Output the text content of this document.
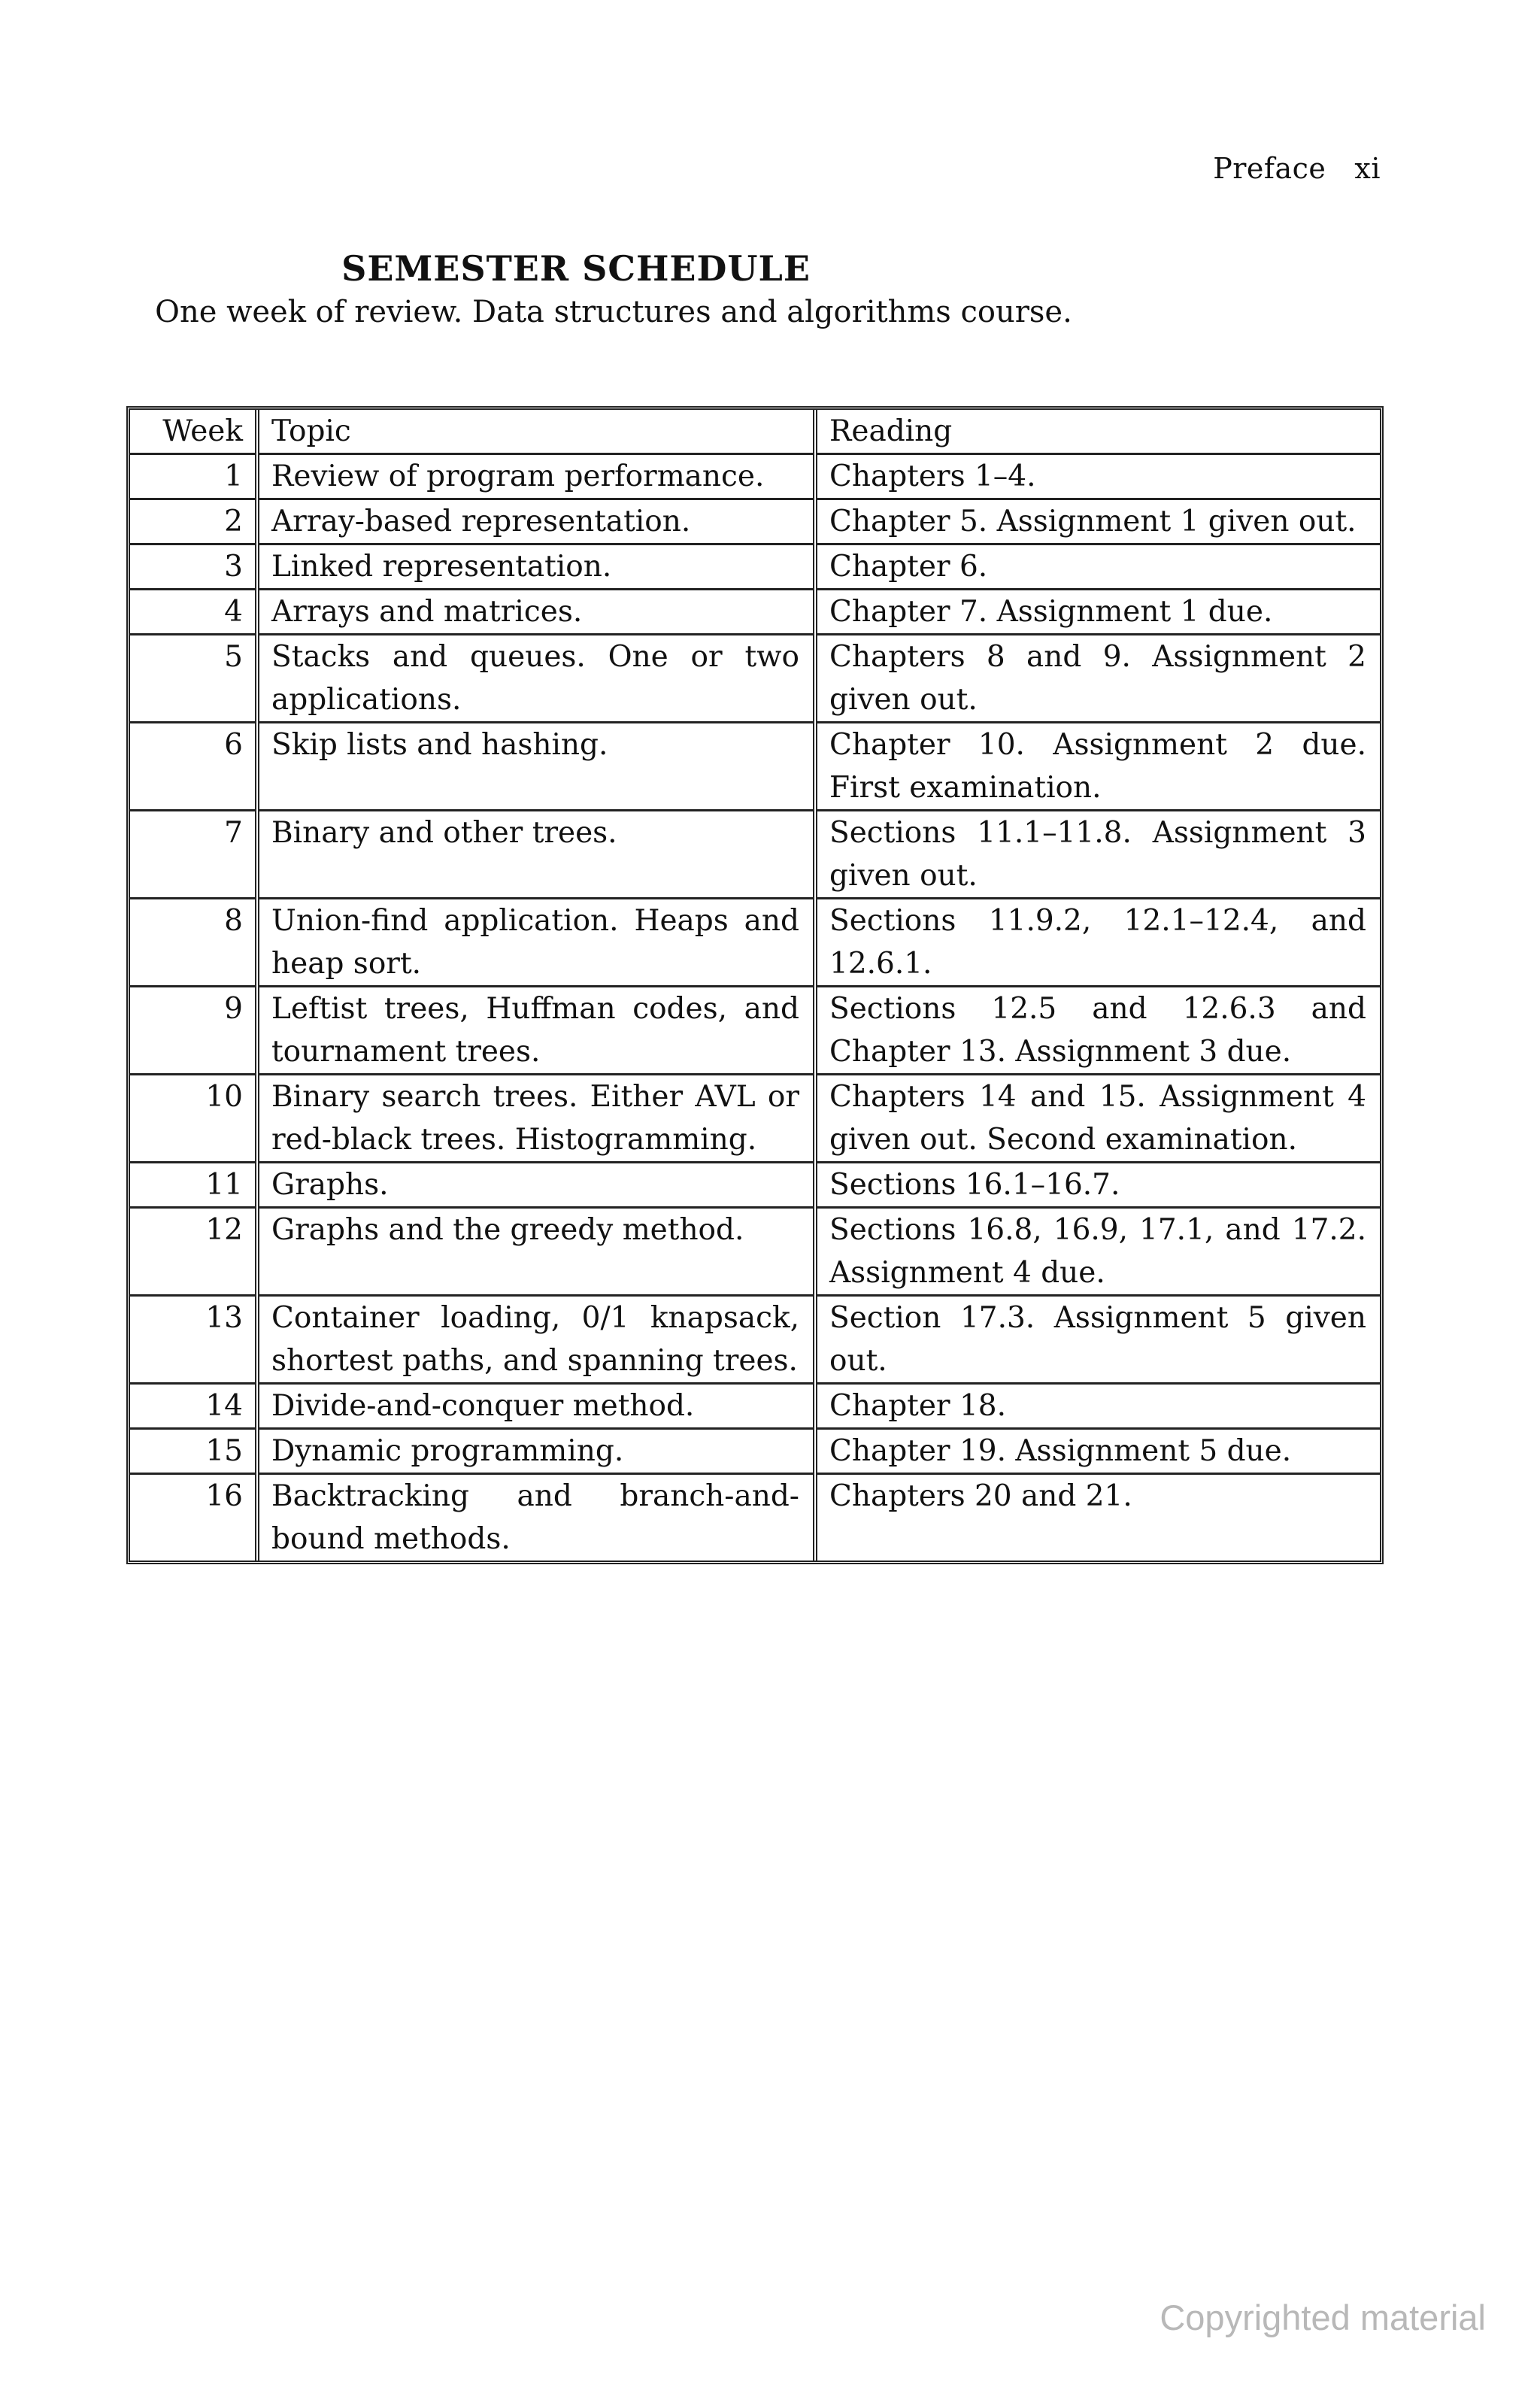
Preface xi
SEMESTER SCHEDULE
One week of review. Data structures and algorithms course.
Week	Topic	Reading
1	Review of program performance.	Chapters 1–4.
2	Array-based representation.	Chapter 5. Assignment 1 given out.
3	Linked representation.	Chapter 6.
4	Arrays and matrices.	Chapter 7. Assignment 1 due.
5	Stacks and queues. One or two applications.	Chapters 8 and 9. Assignment 2 given out.
6	Skip lists and hashing.	Chapter 10. Assignment 2 due. First examination.
7	Binary and other trees.	Sections 11.1–11.8. Assignment 3 given out.
8	Union-find application. Heaps and heap sort.	Sections 11.9.2, 12.1–12.4, and 12.6.1.
9	Leftist trees, Huffman codes, and tournament trees.	Sections 12.5 and 12.6.3 and Chapter 13. Assignment 3 due.
10	Binary search trees. Either AVL or red-black trees. Histogramming.	Chapters 14 and 15. Assignment 4 given out. Second examination.
11	Graphs.	Sections 16.1–16.7.
12	Graphs and the greedy method.	Sections 16.8, 16.9, 17.1, and 17.2. Assignment 4 due.
13	Container loading, 0/1 knapsack, shortest paths, and spanning trees.	Section 17.3. Assignment 5 given out.
14	Divide-and-conquer method.	Chapter 18.
15	Dynamic programming.	Chapter 19. Assignment 5 due.
16	Backtracking and branch-and-bound methods.	Chapters 20 and 21.
Copyrighted material
